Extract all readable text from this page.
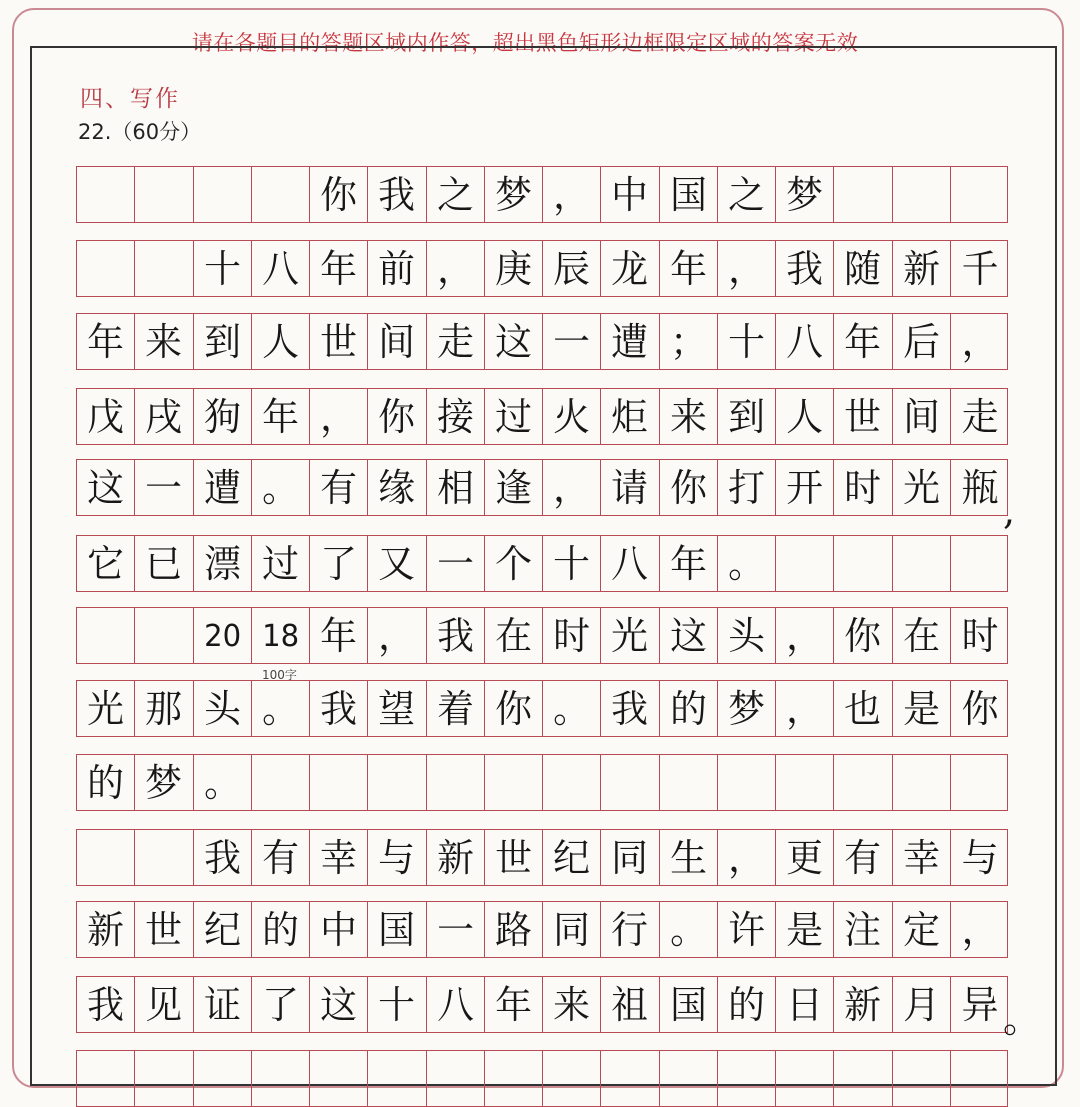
请在各题目的答题区域内作答，超出黑色矩形边框限定区域的答案无效
四、写作
22.（60分）
你 我 之 梦 ， 中 国 之 梦
十 八 年 前 ， 庚 辰 龙 年 ， 我 随 新 千
年 来 到 人 世 间 走 这 一 遭 ； 十 八 年 后 ，
戊 戌 狗 年 ， 你 接 过 火 炬 来 到 人 世 间 走
这 一 遭 。 有 缘 相 逢 ， 请 你 打 开 时 光 瓶
它 已 漂 过 了 又 一 个 十 八 年 。
20 18 年 ， 我 在 时 光 这 头 ， 你 在 时
光 那 头 。 我 望 着 你 。 我 的 梦 ， 也 是 你
的 梦 。
我 有 幸 与 新 世 纪 同 生 ， 更 有 幸 与
新 世 纪 的 中 国 一 路 同 行 。 许 是 注 定 ，
我 见 证 了 这 十 八 年 来 祖 国 的 日 新 月 异
100字
,
。
